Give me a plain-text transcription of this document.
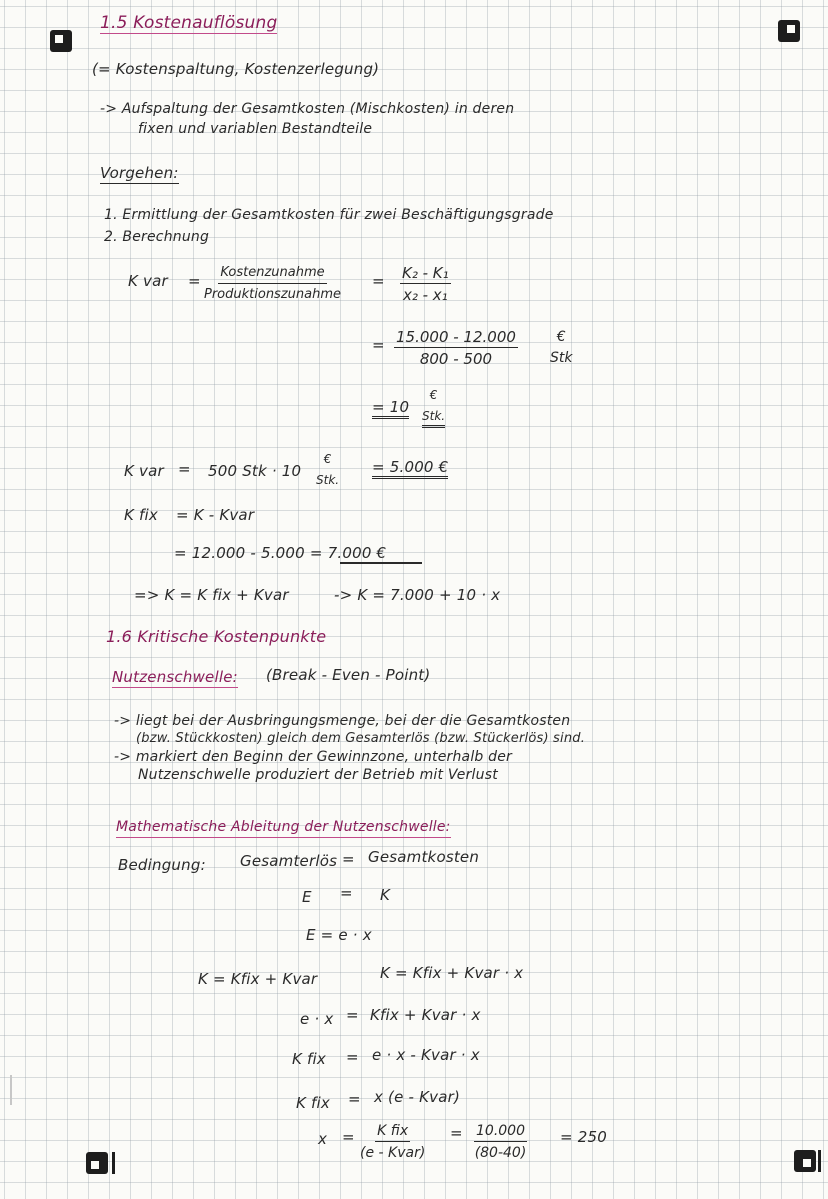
1.5 Kostenauflösung
(= Kostenspaltung, Kostenzerlegung)
-> Aufspaltung der Gesamtkosten (Mischkosten) in deren
fixen und variablen Bestandteile
Vorgehen:
1. Ermittlung der Gesamtkosten für zwei Beschäftigungsgrade
2. Berechnung
K var = Kostenzunahme
Produktionszunahme
= $\frac{\text{K₂ - K₁}}{\text{x₂ - x₁}}$
= $\frac{15.000 - 12.000}{800 - 500}$	€
Stk
= 10
€
Stk.
K var = 500 Stk · 10
€
Stk.
= 5.000 €
K fix = K - Kvar
= 12.000 - 5.000 = 7.000 €
=> K = K fix + Kvar	-> K = 7.000 + 10 · x
1.6 Kritische Kostenpunkte
Nutzenschwelle: (Break - Even - Point)
-> liegt bei der Ausbringungsmenge, bei der die Gesamtkosten
(bzw. Stückkosten) gleich dem Gesamterlös (bzw. Stückerlös) sind.
-> markiert den Beginn der Gewinnzone, unterhalb der
Nutzenschwelle produziert der Betrieb mit Verlust
Mathematische Ableitung der Nutzenschwelle:
Bedingung: Gesamterlös = Gesamtkosten
E = K
E = e · x
K = Kfix + Kvar	K = Kfix + Kvar · x
e · x = Kfix + Kvar · x
K fix = e · x - Kvar · x
K fix = x (e - Kvar)
x = K fix
(e - Kvar)
= $\frac{10.000}{(80-40)} = 250$
